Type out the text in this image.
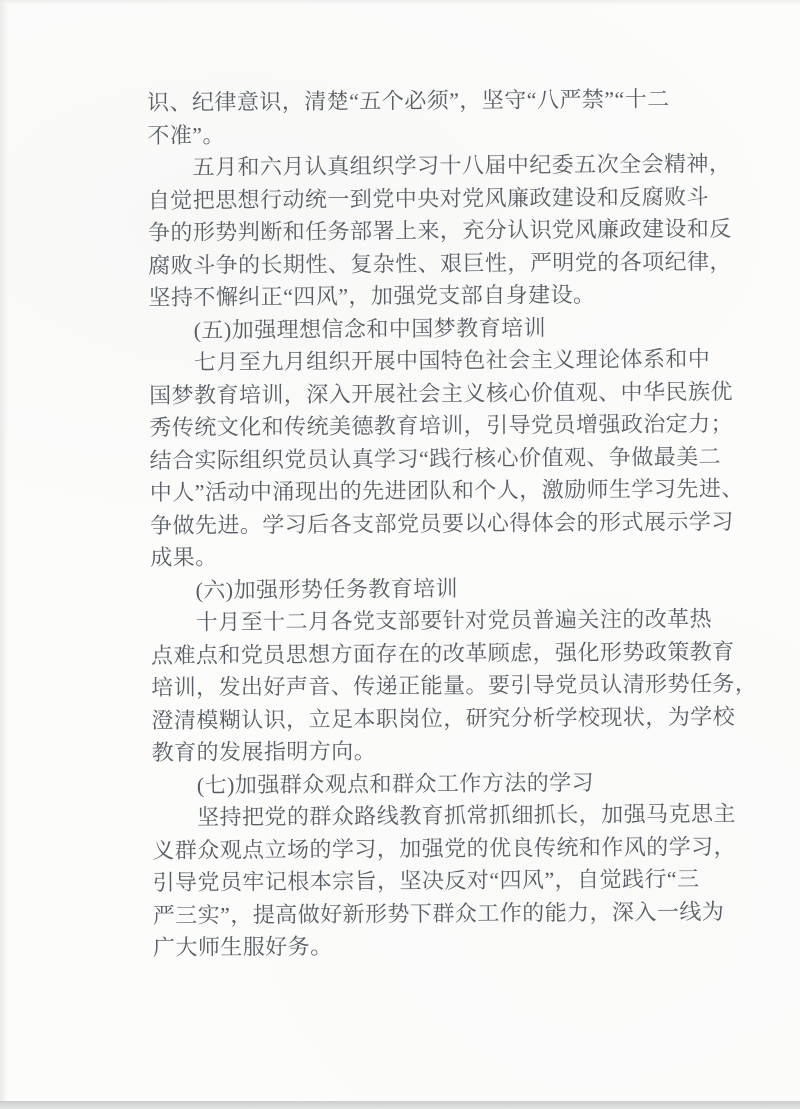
识、纪律意识，清楚“五个必须”，坚守“八严禁”“十二
不准”。
五月和六月认真组织学习十八届中纪委五次全会精神，
自觉把思想行动统一到党中央对党风廉政建设和反腐败斗
争的形势判断和任务部署上来，充分认识党风廉政建设和反
腐败斗争的长期性、复杂性、艰巨性，严明党的各项纪律，
坚持不懈纠正“四风”，加强党支部自身建设。
(五)加强理想信念和中国梦教育培训
七月至九月组织开展中国特色社会主义理论体系和中
国梦教育培训，深入开展社会主义核心价值观、中华民族优
秀传统文化和传统美德教育培训，引导党员增强政治定力；
结合实际组织党员认真学习“践行核心价值观、争做最美二
中人”活动中涌现出的先进团队和个人，激励师生学习先进、
争做先进。学习后各支部党员要以心得体会的形式展示学习
成果。
(六)加强形势任务教育培训
十月至十二月各党支部要针对党员普遍关注的改革热
点难点和党员思想方面存在的改革顾虑，强化形势政策教育
培训，发出好声音、传递正能量。要引导党员认清形势任务，
澄清模糊认识，立足本职岗位，研究分析学校现状，为学校
教育的发展指明方向。
(七)加强群众观点和群众工作方法的学习
坚持把党的群众路线教育抓常抓细抓长，加强马克思主
义群众观点立场的学习，加强党的优良传统和作风的学习，
引导党员牢记根本宗旨，坚决反对“四风”，自觉践行“三
严三实”，提高做好新形势下群众工作的能力，深入一线为
广大师生服好务。
